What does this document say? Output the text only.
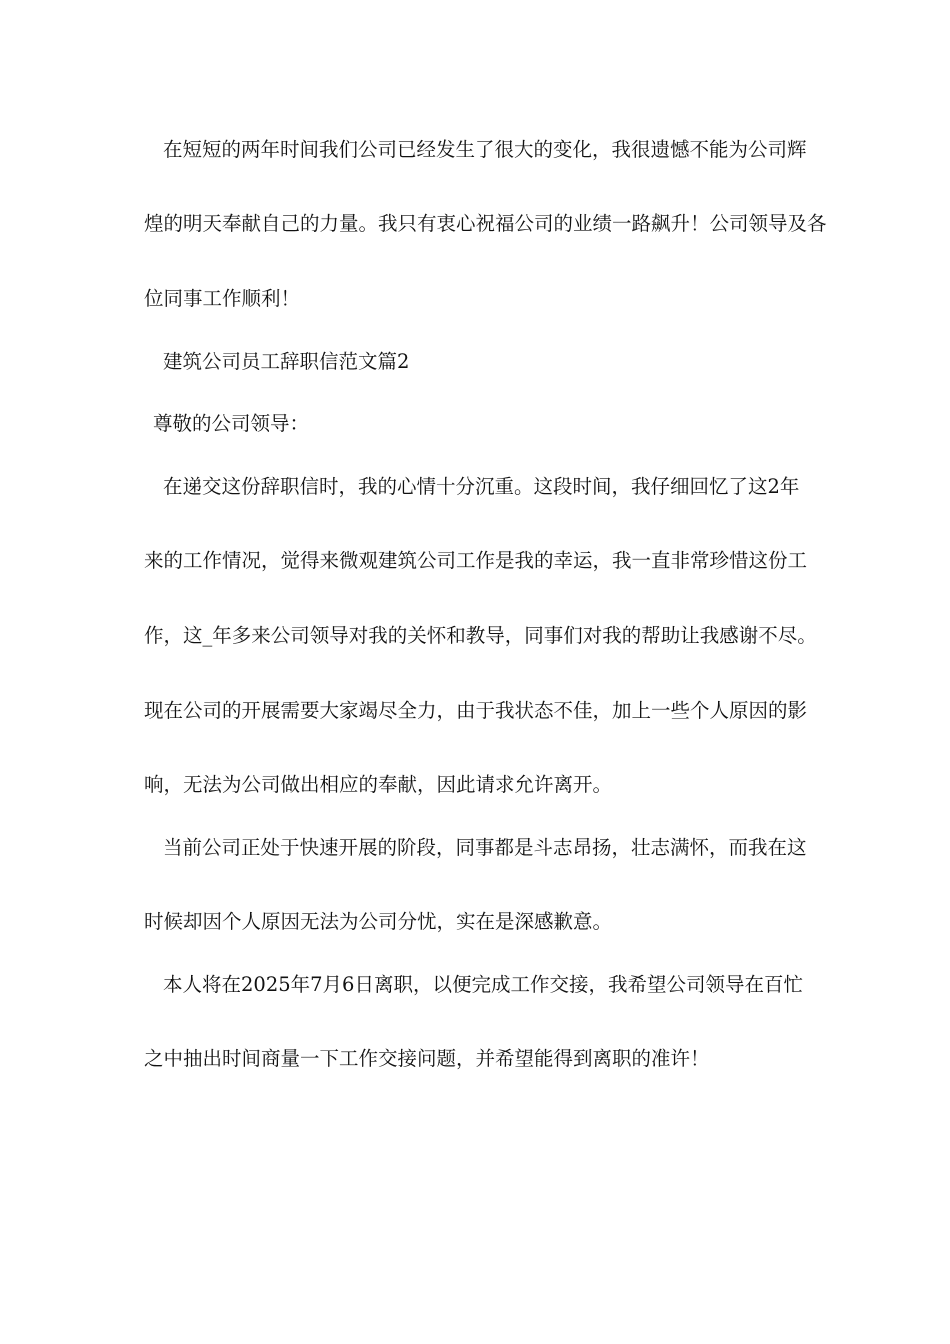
在短短的两年时间我们公司已经发生了很大的变化，我很遗憾不能为公司辉
煌的明天奉献自己的力量。我只有衷心祝福公司的业绩一路飙升！公司领导及各
位同事工作顺利！
建筑公司员工辞职信范文篇2
尊敬的公司领导：
在递交这份辞职信时，我的心情十分沉重。这段时间，我仔细回忆了这2年
来的工作情况，觉得来微观建筑公司工作是我的幸运，我一直非常珍惜这份工
作，这_年多来公司领导对我的关怀和教导，同事们对我的帮助让我感谢不尽。
现在公司的开展需要大家竭尽全力，由于我状态不佳，加上一些个人原因的影
响，无法为公司做出相应的奉献，因此请求允许离开。
当前公司正处于快速开展的阶段，同事都是斗志昂扬，壮志满怀，而我在这
时候却因个人原因无法为公司分忧，实在是深感歉意。
本人将在2025年7月6日离职，以便完成工作交接，我希望公司领导在百忙
之中抽出时间商量一下工作交接问题，并希望能得到离职的准许！
